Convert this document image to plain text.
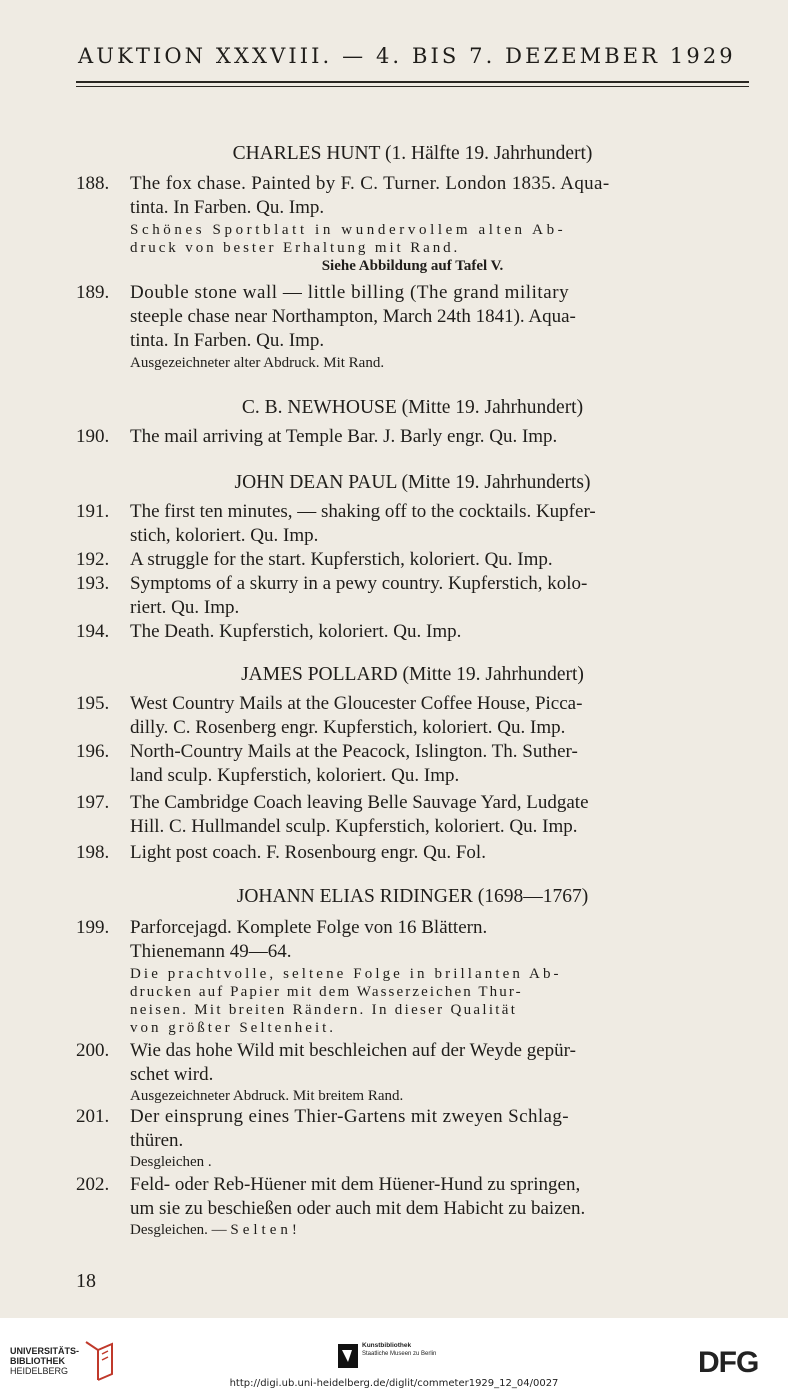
AUKTION XXXVIII. — 4. BIS 7. DEZEMBER 1929
CHARLES HUNT (1. Hälfte 19. Jahrhundert)
188.	The fox chase. Painted by F. C. Turner. London 1835. Aqua-
tinta. In Farben. Qu. Imp.
Schönes Sportblatt in wundervollem alten Ab-
druck von bester Erhaltung mit Rand.
Siehe Abbildung auf Tafel V.
189.	Double stone wall — little billing (The grand military
steeple chase near Northampton, March 24th 1841). Aqua-
tinta. In Farben. Qu. Imp.
Ausgezeichneter alter Abdruck. Mit Rand.
C. B. NEWHOUSE (Mitte 19. Jahrhundert)
190.	The mail arriving at Temple Bar. J. Barly engr. Qu. Imp.
JOHN DEAN PAUL (Mitte 19. Jahrhunderts)
191.	The first ten minutes, — shaking off to the cocktails. Kupfer-
stich, koloriert. Qu. Imp.
192.	A struggle for the start. Kupferstich, koloriert. Qu. Imp.
193.	Symptoms of a skurry in a pewy country. Kupferstich, kolo-
riert. Qu. Imp.
194.	The Death. Kupferstich, koloriert. Qu. Imp.
JAMES POLLARD (Mitte 19. Jahrhundert)
195.	West Country Mails at the Gloucester Coffee House, Picca-
dilly. C. Rosenberg engr. Kupferstich, koloriert. Qu. Imp.
196.	North-Country Mails at the Peacock, Islington. Th. Suther-
land sculp. Kupferstich, koloriert. Qu. Imp.
197.	The Cambridge Coach leaving Belle Sauvage Yard, Ludgate
Hill. C. Hullmandel sculp. Kupferstich, koloriert. Qu. Imp.
198.	Light post coach. F. Rosenbourg engr. Qu. Fol.
JOHANN ELIAS RIDINGER (1698—1767)
199.	Parforcejagd. Komplete Folge von 16 Blättern.
Thienemann 49—64.
Die prachtvolle, seltene Folge in brillanten Ab-
drucken auf Papier mit dem Wasserzeichen Thur-
neisen. Mit breiten Rändern. In dieser Qualität
von größter Seltenheit.
200.	Wie das hohe Wild mit beschleichen auf der Weyde gepür-
schet wird.
Ausgezeichneter Abdruck. Mit breitem Rand.
201.	Der einsprung eines Thier-Gartens mit zweyen Schlag-
thüren.
Desgleichen .
202.	Feld- oder Reb-Hüener mit dem Hüener-Hund zu springen,
um sie zu beschießen oder auch mit dem Habicht zu baizen.
Desgleichen. — Selten!
18
UNIVERSITÄTS-
BIBLIOTHEK
HEIDELBERG
Kunstbibliothek
Staatliche Museen zu Berlin	DFG
http://digi.ub.uni-heidelberg.de/diglit/commeter1929_12_04/0027
